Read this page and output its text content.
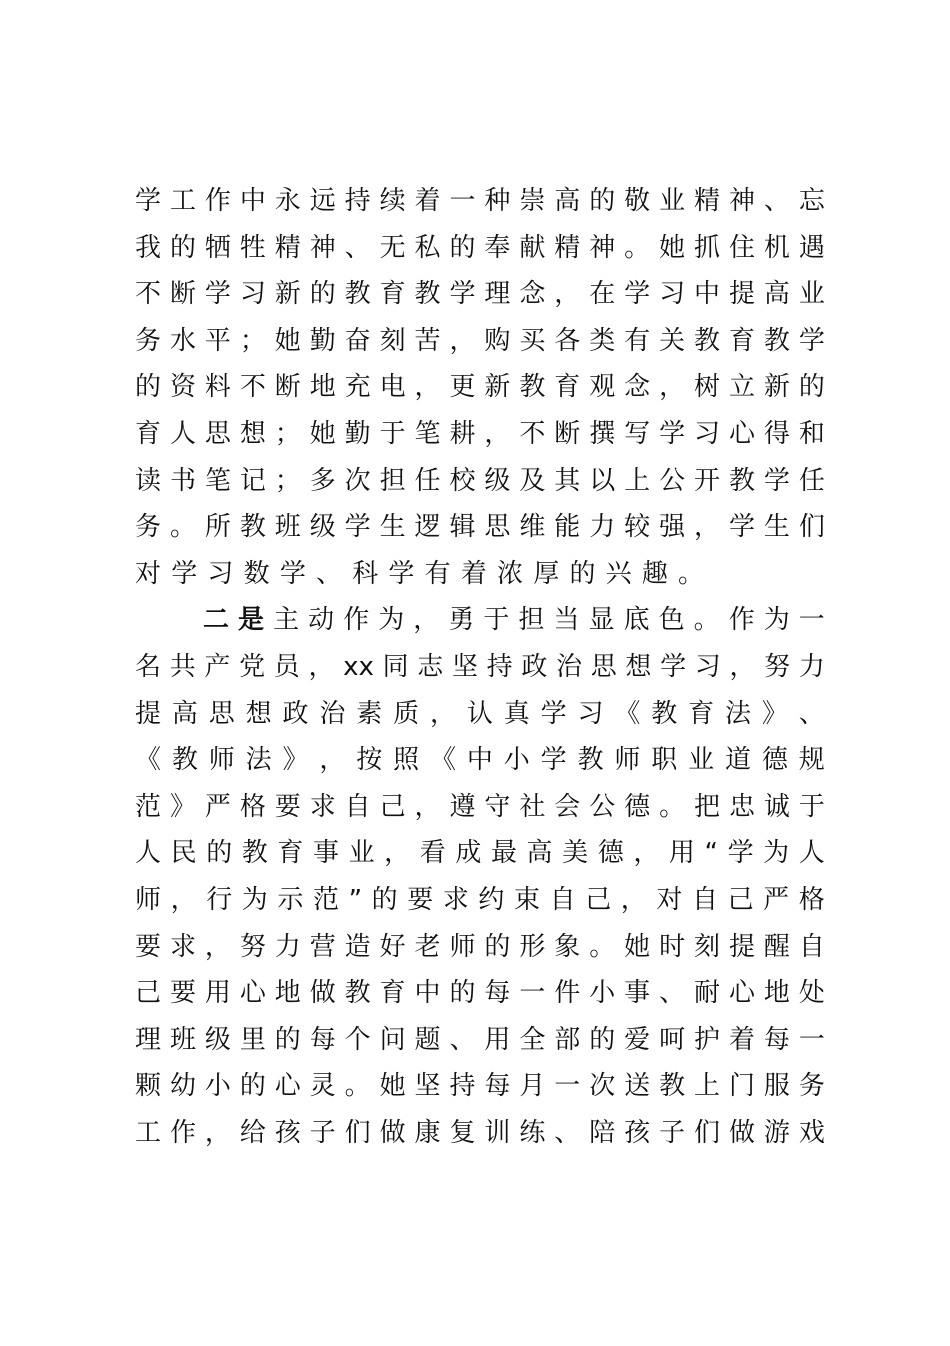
学 工 作 中 永 远 持 续 着 一 种 崇 高 的 敬 业 精 神 、 忘
我 的 牺 牲 精 神 、 无 私 的 奉 献 精 神 。 她 抓 住 机 遇
不 断 学 习 新 的 教 育 教 学 理 念 ， 在 学 习 中 提 高 业
务 水 平 ； 她 勤 奋 刻 苦 ， 购 买 各 类 有 关 教 育 教 学
的 资 料 不 断 地 充 电 ， 更 新 教 育 观 念 ， 树 立 新 的
育 人 思 想 ； 她 勤 于 笔 耕 ， 不 断 撰 写 学 习 心 得 和
读 书 笔 记 ； 多 次 担 任 校 级 及 其 以 上 公 开 教 学 任
务 。 所 教 班 级 学 生 逻 辑 思 维 能 力 较 强 ， 学 生 们
对 学 习 数 学 、 科 学 有 着 浓 厚 的 兴 趣 。
二 是 主 动 作 为 ， 勇 于 担 当 显 底 色 。 作 为 一
名 共 产 党 员 ， xx 同 志 坚 持 政 治 思 想 学 习 ， 努 力
提 高 思 想 政 治 素 质 ， 认 真 学 习 《 教 育 法 》 、
《 教 师 法 》 ， 按 照 《 中 小 学 教 师 职 业 道 德 规
范 》 严 格 要 求 自 己 ， 遵 守 社 会 公 德 。 把 忠 诚 于
人 民 的 教 育 事 业 ， 看 成 最 高 美 德 ， 用 “ 学 为 人
师 ， 行 为 示 范 ” 的 要 求 约 束 自 己 ， 对 自 己 严 格
要 求 ， 努 力 营 造 好 老 师 的 形 象 。 她 时 刻 提 醒 自
己 要 用 心 地 做 教 育 中 的 每 一 件 小 事 、 耐 心 地 处
理 班 级 里 的 每 个 问 题 、 用 全 部 的 爱 呵 护 着 每 一
颗 幼 小 的 心 灵 。 她 坚 持 每 月 一 次 送 教 上 门 服 务
工 作 ， 给 孩 子 们 做 康 复 训 练 、 陪 孩 子 们 做 游 戏
